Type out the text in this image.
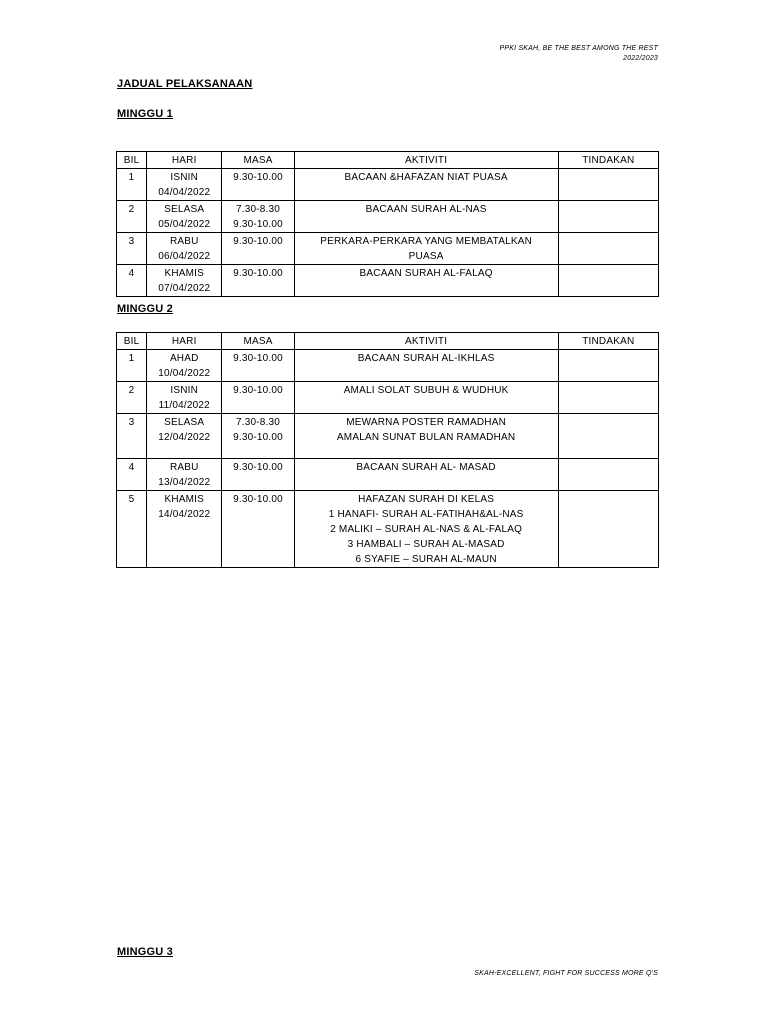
PPKI SKAH, BE THE BEST AMONG THE REST
2022/2023
JADUAL PELAKSANAAN
MINGGU 1
BIL	HARI	MASA	AKTIVITI	TINDAKAN
1	ISNIN
04/04/2022	9.30-10.00	BACAAN &HAFAZAN NIAT PUASA	

2	SELASA
05/04/2022	7.30-8.30
9.30-10.00	BACAAN SURAH AL-NAS	

3	RABU
06/04/2022	9.30-10.00	PERKARA-PERKARA YANG MEMBATALKAN
PUASA	

4	KHAMIS
07/04/2022	9.30-10.00	BACAAN SURAH AL-FALAQ	

MINGGU 2
BIL	HARI	MASA	AKTIVITI	TINDAKAN
1	AHAD
10/04/2022	9.30-10.00	BACAAN SURAH AL-IKHLAS	

2	ISNIN
11/04/2022	9.30-10.00	AMALI SOLAT SUBUH & WUDHUK	

3	SELASA
12/04/2022	7.30-8.30
9.30-10.00	MEWARNA POSTER RAMADHAN
AMALAN SUNAT BULAN RAMADHAN	

4	RABU
13/04/2022	9.30-10.00	BACAAN SURAH AL- MASAD	

5	KHAMIS
14/04/2022	9.30-10.00	HAFAZAN SURAH DI KELAS
1 HANAFI- SURAH AL-FATIHAH&AL-NAS
2 MALIKI – SURAH AL-NAS & AL-FALAQ
3 HAMBALI – SURAH AL-MASAD
6 SYAFIE – SURAH AL-MAUN	

MINGGU 3
SKAH-EXCELLENT, FIGHT FOR SUCCESS MORE Q'S
